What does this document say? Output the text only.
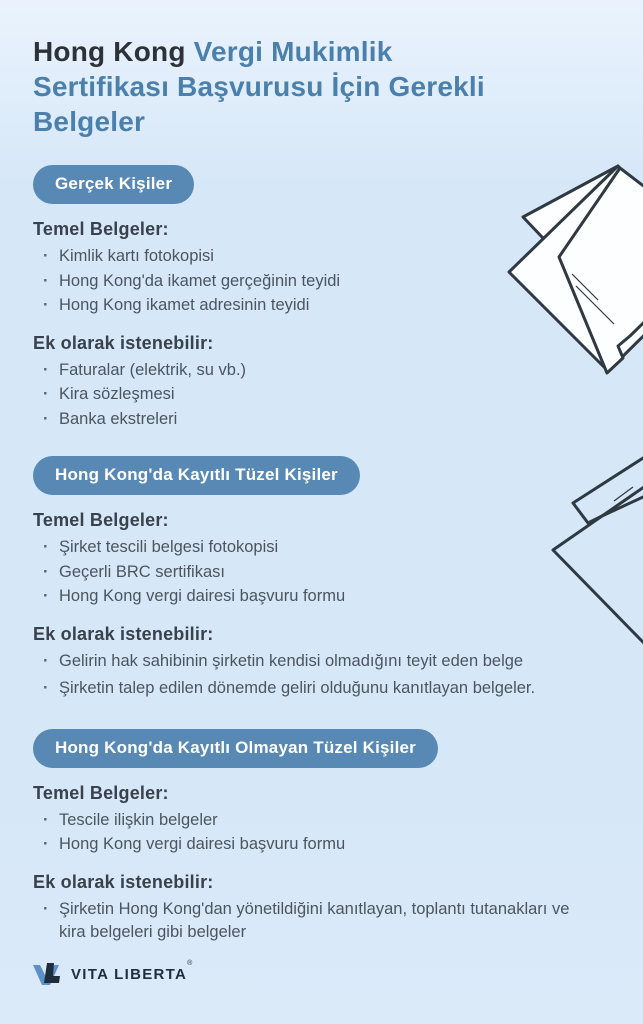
Hong Kong Vergi Mukimlik
Sertifikası Başvurusu İçin Gerekli
Belgeler
Gerçek Kişiler
Temel Belgeler:
· Kimlik kartı fotokopisi
· Hong Kong'da ikamet gerçeğinin teyidi
· Hong Kong ikamet adresinin teyidi
Ek olarak istenebilir:
· Faturalar (elektrik, su vb.)
· Kira sözleşmesi
· Banka ekstreleri
Hong Kong'da Kayıtlı Tüzel Kişiler
Temel Belgeler:
· Şirket tescili belgesi fotokopisi
· Geçerli BRC sertifikası
· Hong Kong vergi dairesi başvuru formu
Ek olarak istenebilir:
· Gelirin hak sahibinin şirketin kendisi olmadığını teyit eden belge
· Şirketin talep edilen dönemde geliri olduğunu kanıtlayan belgeler.
Hong Kong'da Kayıtlı Olmayan Tüzel Kişiler
Temel Belgeler:
· Tescile ilişkin belgeler
· Hong Kong vergi dairesi başvuru formu
Ek olarak istenebilir:
· Şirketin Hong Kong'dan yönetildiğini kanıtlayan, toplantı tutanakları ve kira belgeleri gibi belgeler
VITA LIBERTA®
